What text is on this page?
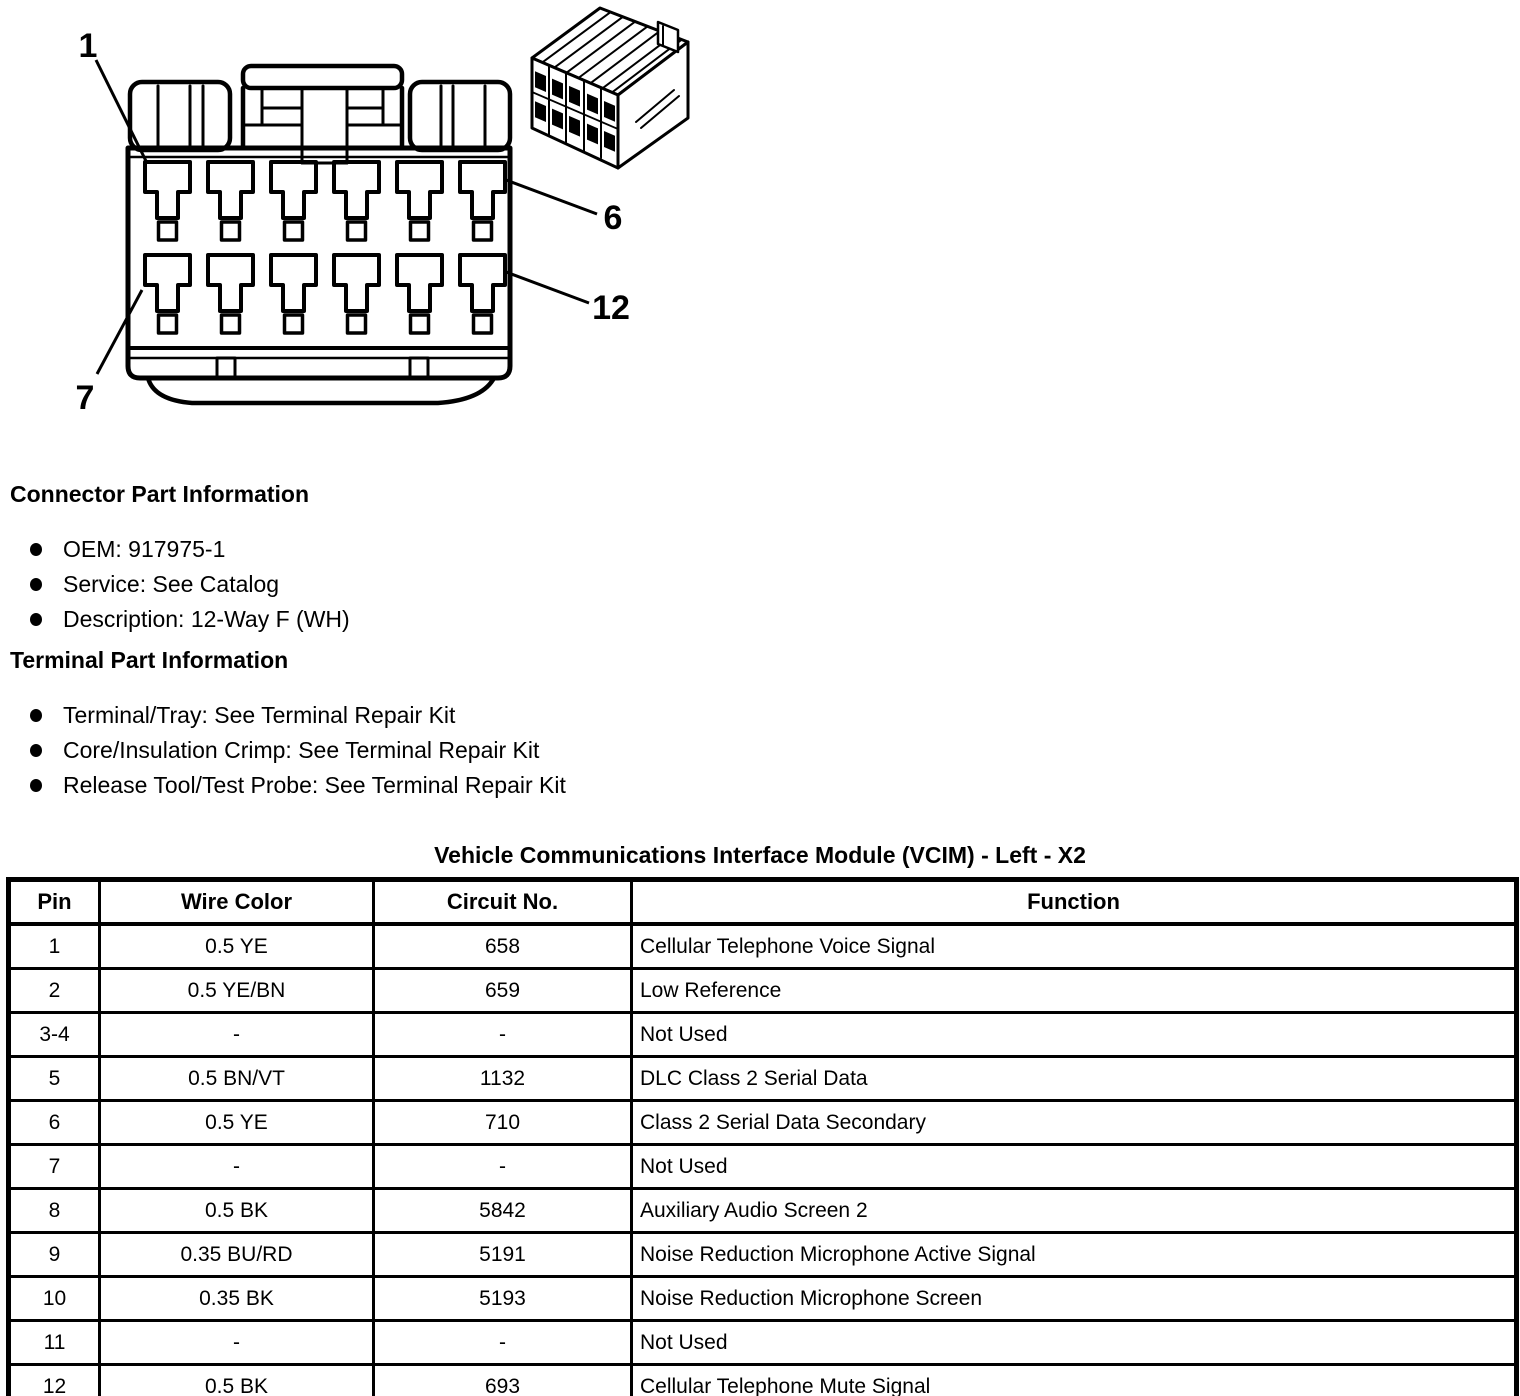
1
6
7
12
Connector Part Information
OEM: 917975-1
Service: See Catalog
Description: 12-Way F (WH)
Terminal Part Information
Terminal/Tray: See Terminal Repair Kit
Core/Insulation Crimp: See Terminal Repair Kit
Release Tool/Test Probe: See Terminal Repair Kit
Vehicle Communications Interface Module (VCIM) - Left - X2
Pin	Wire Color	Circuit No.	Function
1	0.5 YE	658	Cellular Telephone Voice Signal
2	0.5 YE/BN	659	Low Reference
3-4	-	-	Not Used
5	0.5 BN/VT	1132	DLC Class 2 Serial Data
6	0.5 YE	710	Class 2 Serial Data Secondary
7	-	-	Not Used
8	0.5 BK	5842	Auxiliary Audio Screen 2
9	0.35 BU/RD	5191	Noise Reduction Microphone Active Signal
10	0.35 BK	5193	Noise Reduction Microphone Screen
11	-	-	Not Used
12	0.5 BK	693	Cellular Telephone Mute Signal
